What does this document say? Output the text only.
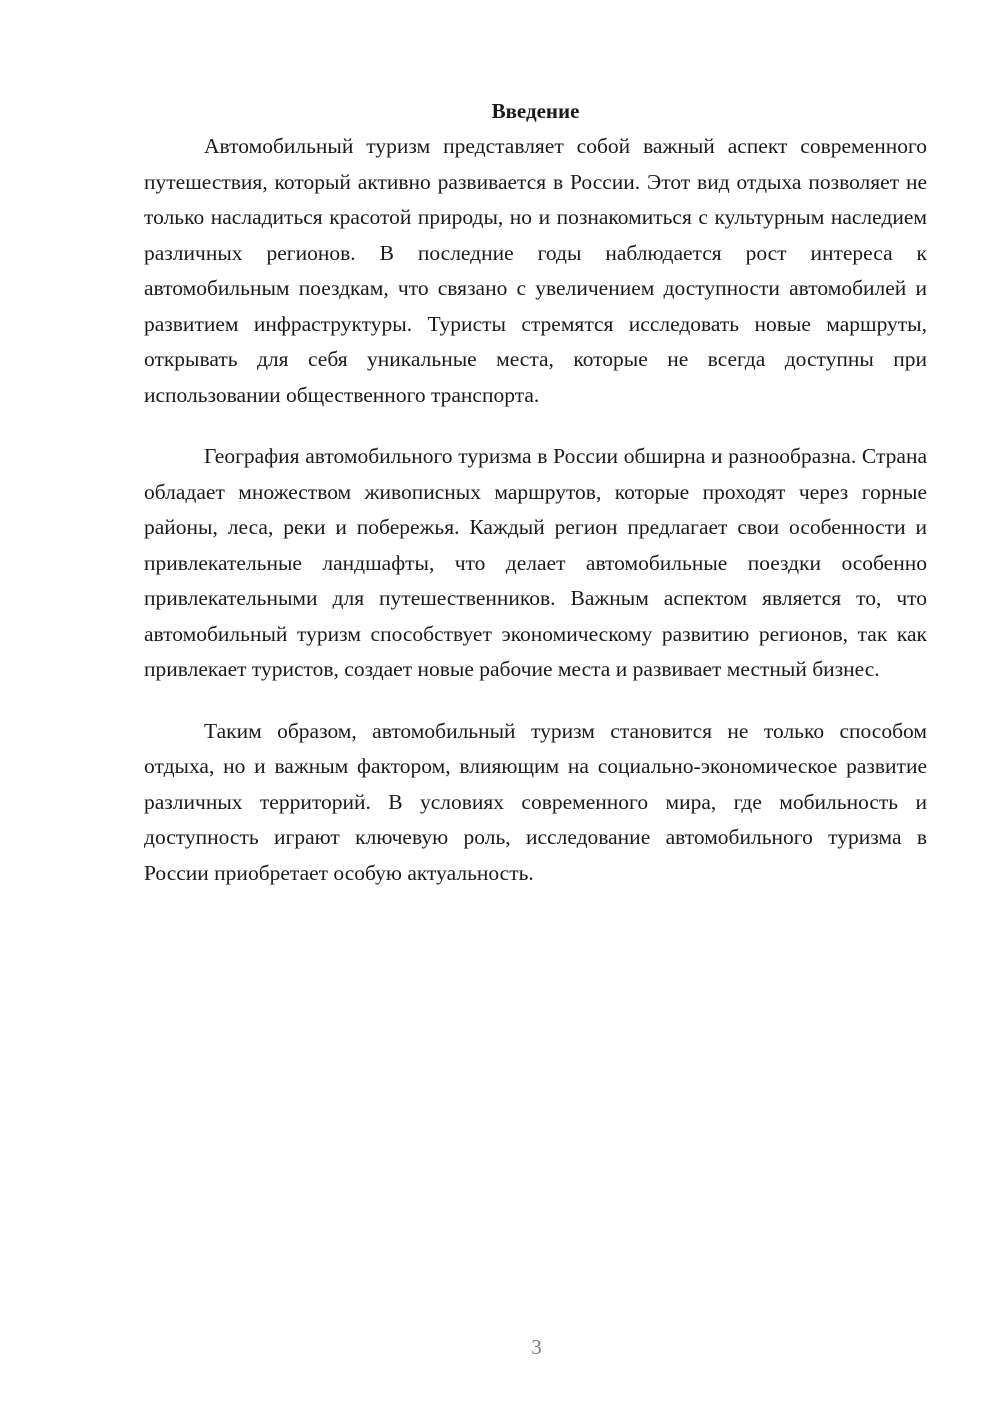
Введение

Автомобильный туризм представляет собой важный аспект современного путешествия, который активно развивается в России. Этот вид отдыха позволяет не только насладиться красотой природы, но и познакомиться с культурным наследием различных регионов. В последние годы наблюдается рост интереса к автомобильным поездкам, что связано с увеличением доступности автомобилей и развитием инфраструктуры. Туристы стремятся исследовать новые маршруты, открывать для себя уникальные места, которые не всегда доступны при использовании общественного транспорта.

География автомобильного туризма в России обширна и разнообразна. Страна обладает множеством живописных маршрутов, которые проходят через горные районы, леса, реки и побережья. Каждый регион предлагает свои особенности и привлекательные ландшафты, что делает автомобильные поездки особенно привлекательными для путешественников. Важным аспектом является то, что автомобильный туризм способствует экономическому развитию регионов, так как привлекает туристов, создает новые рабочие места и развивает местный бизнес.

Таким образом, автомобильный туризм становится не только способом отдыха, но и важным фактором, влияющим на социально-экономическое развитие различных территорий. В условиях современного мира, где мобильность и доступность играют ключевую роль, исследование автомобильного туризма в России приобретает особую актуальность.

3
